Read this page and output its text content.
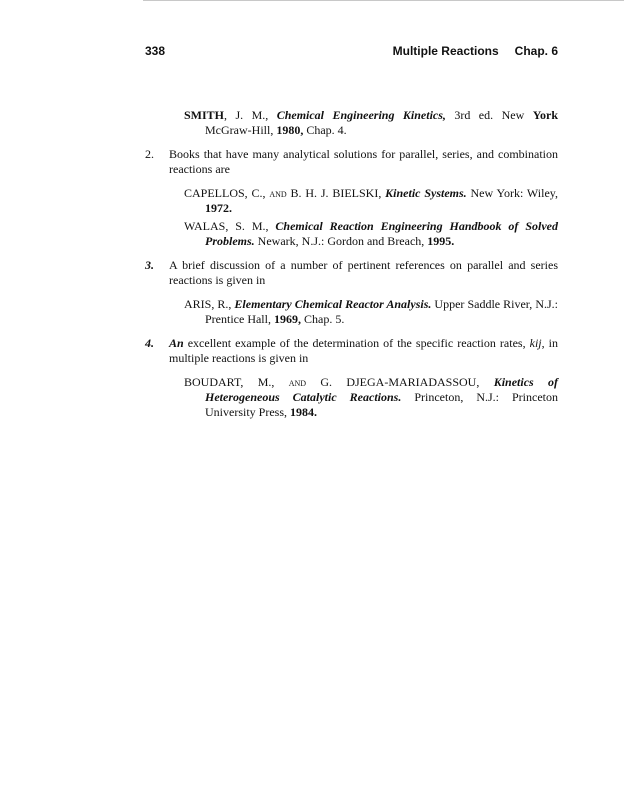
338	Multiple Reactions Chap. 6
SMITH, J. M., Chemical Engineering Kinetics, 3rd ed. New York McGraw-Hill, 1980, Chap. 4.
2.	Books that have many analytical solutions for parallel, series, and combination reactions are
CAPELLOS, C., and B. H. J. BIELSKI, Kinetic Systems. New York: Wiley, 1972.
WALAS, S. M., Chemical Reaction Engineering Handbook of Solved Problems. Newark, N.J.: Gordon and Breach, 1995.
3.	A brief discussion of a number of pertinent references on parallel and series reactions is given in
ARIS, R., Elementary Chemical Reactor Analysis. Upper Saddle River, N.J.: Prentice Hall, 1969, Chap. 5.
4.	An excellent example of the determination of the specific reaction rates, kij, in multiple reactions is given in
BOUDART, M., and G. DJEGA-MARIADASSOU, Kinetics of Heterogeneous Catalytic Reactions. Princeton, N.J.: Princeton University Press, 1984.
